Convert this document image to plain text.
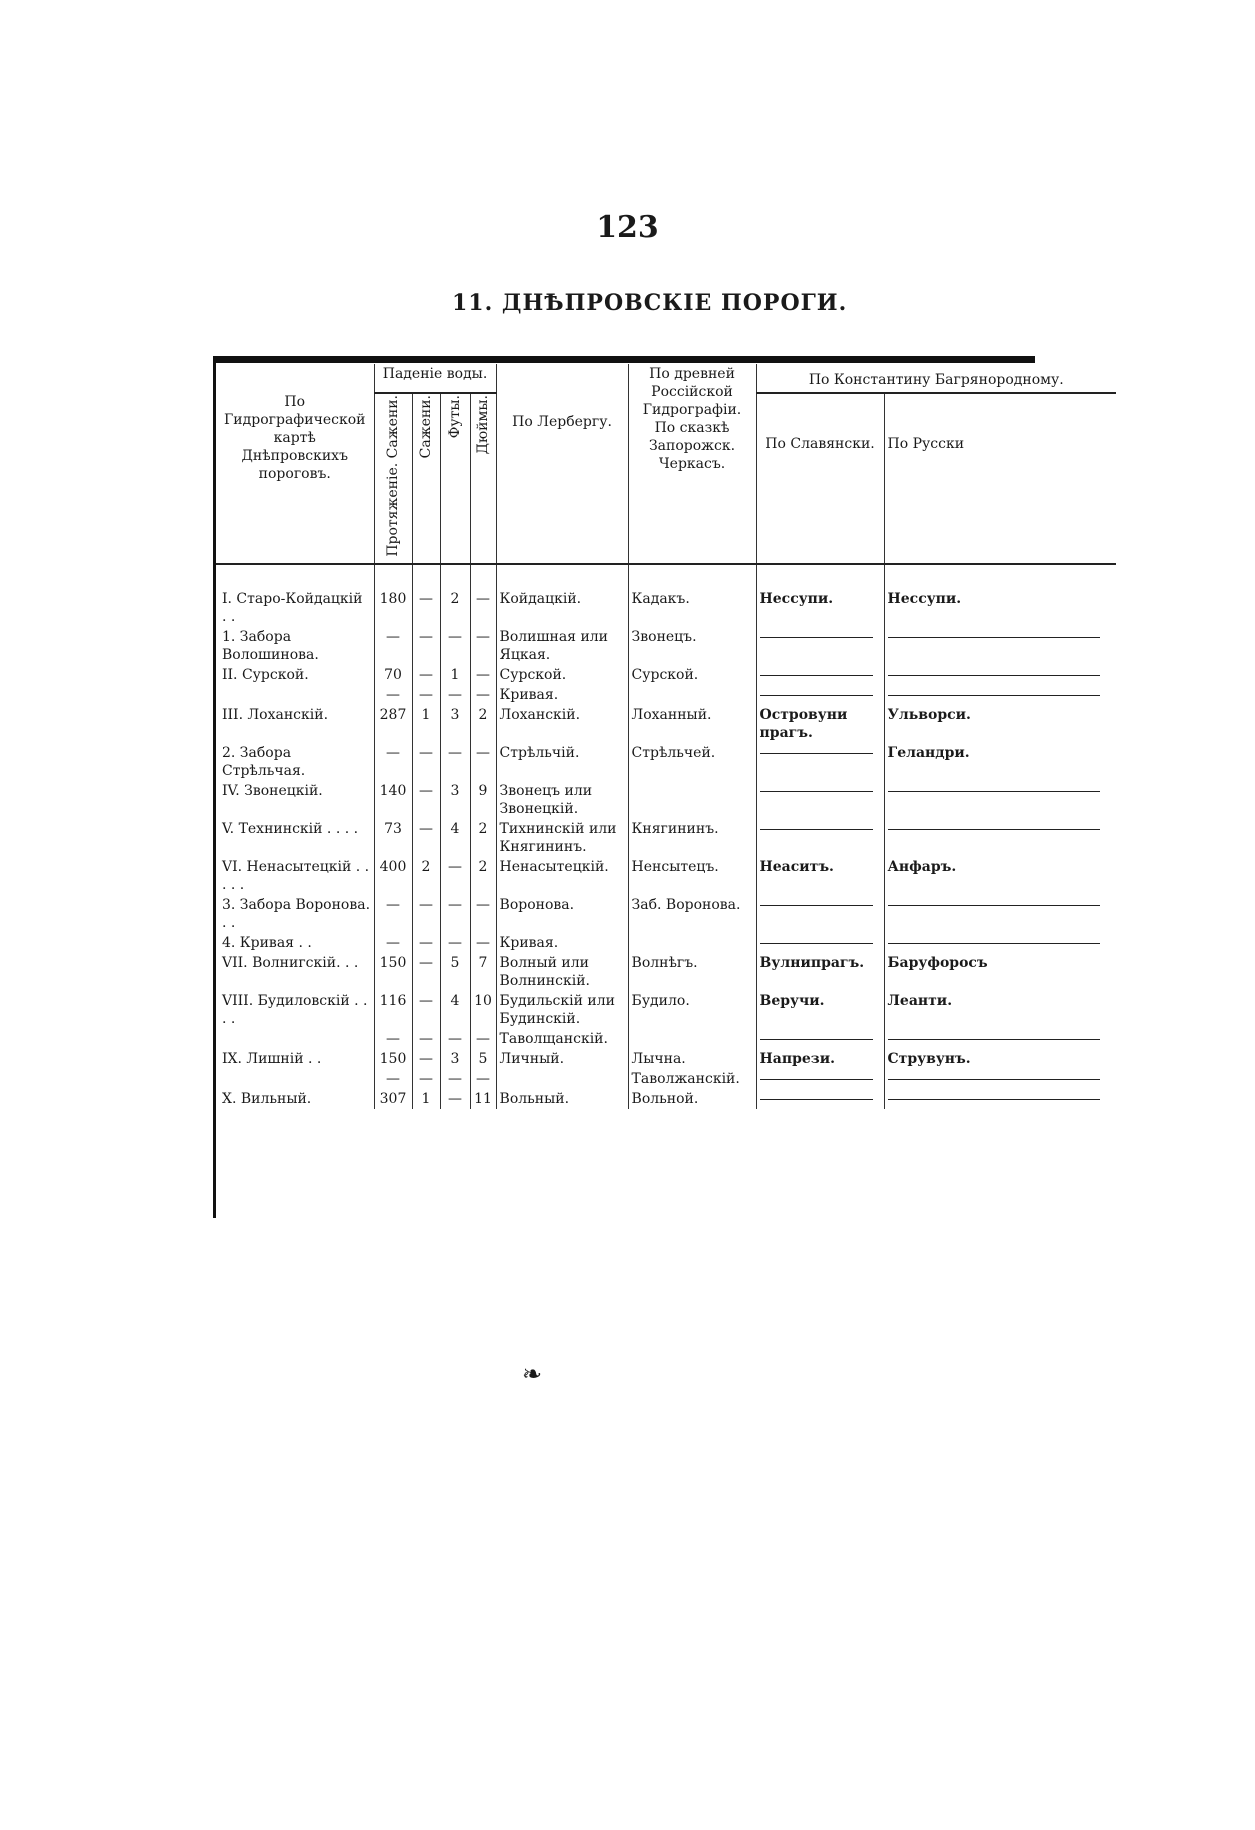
123
11. ДНѢПРОВСКІЕ ПОРОГИ.
По Гидрографической картѣ Днѣпровскихъ пороговъ.	Паденіе воды.				По Лербергу.	По древней Россійской Гидрографіи. По сказкѣ Запорожск. Черкасъ.	По Константину Багрянородному.	

	Протяженіе. Сажени.	Сажени.	Футы.	Дюймы.			По Славянски.	По Русски

I. Старо-Койдацкій . .	180	—	2	—	Койдацкій.	Кадакъ.	Нессупи.	Нессупи.
1. Забора Волошинова.	—	—	—	—	Волишная или Яцкая.	Звонецъ.	

II. Сурской.	70	—	1	—	Сурской.	Сурской.	

	—	—	—	—	Кривая.		

III. Лоханскій.	287	1	3	2	Лоханскій.	Лоханный.	Островуни прагъ.	Ульворси.
2. Забора Стрѣльчая.	—	—	—	—	Стрѣльчій.	Стрѣльчей.		Геландри.
IV. Звонецкій.	140	—	3	9	Звонецъ или Звонецкій.		

V. Технинскій . . . .	73	—	4	2	Тихнинскій или Княгининъ.	Княгининъ.	

VI. Ненасытецкій . . . . .	400	2	—	2	Ненасытецкій.	Ненсытецъ.	Неаситъ.	Анфаръ.
3. Забора Воронова. . .	—	—	—	—	Воронова.	Заб. Воронова.	

4. Кривая . .	—	—	—	—	Кривая.		

VII. Волнигскій. . .	150	—	5	7	Волный или Волнинскій.	Волнѣгъ.	Вулнипрагъ.	Баруфоросъ
VIII. Будиловскій . . . .	116	—	4	10	Будильскій или Будинскій.	Будило.	Веручи.	Леанти.
	—	—	—	—	Таволщанскій.		

IX. Лишній . .	150	—	3	5	Личный.	Лычна.	Напрези.	Струвунъ.
	—	—	—	—		Таволжанскій.	

X. Вильный.	307	1	—	11	Вольный.	Вольной.	

❧
